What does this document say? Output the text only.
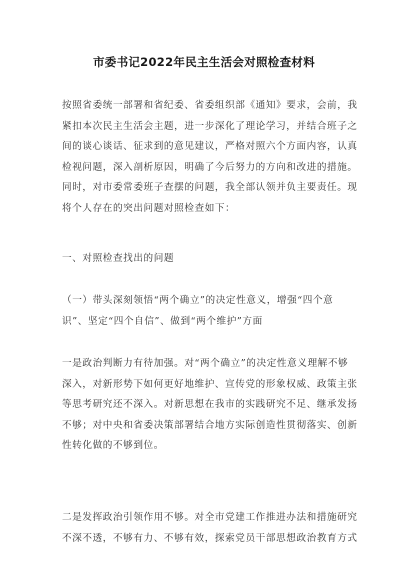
市委书记2022年民主生活会对照检查材料
按照省委统一部署和省纪委、省委组织部《通知》要求，会前，我
紧扣本次民主生活会主题，进一步深化了理论学习，并结合班子之
间的谈心谈话、征求到的意见建议，严格对照六个方面内容，认真
检视问题，深入剖析原因，明确了今后努力的方向和改进的措施。
同时，对市委常委班子查摆的问题，我全部认领并负主要责任。现
将个人存在的突出问题对照检查如下：
一、对照检查找出的问题
（一）带头深刻领悟“两个确立”的决定性意义，增强“四个意
识”、坚定“四个自信”、做到“两个维护”方面
一是政治判断力有待加强。对“两个确立”的决定性意义理解不够
深入，对新形势下如何更好地维护、宣传党的形象权威、政策主张
等思考研究还不深入。对新思想在我市的实践研究不足、继承发扬
不够；对中央和省委决策部署结合地方实际创造性贯彻落实、创新
性转化做的不够到位。
二是发挥政治引领作用不够。对全市党建工作推进办法和措施研究
不深不透，不够有力、不够有效，探索党员干部思想政治教育方式
